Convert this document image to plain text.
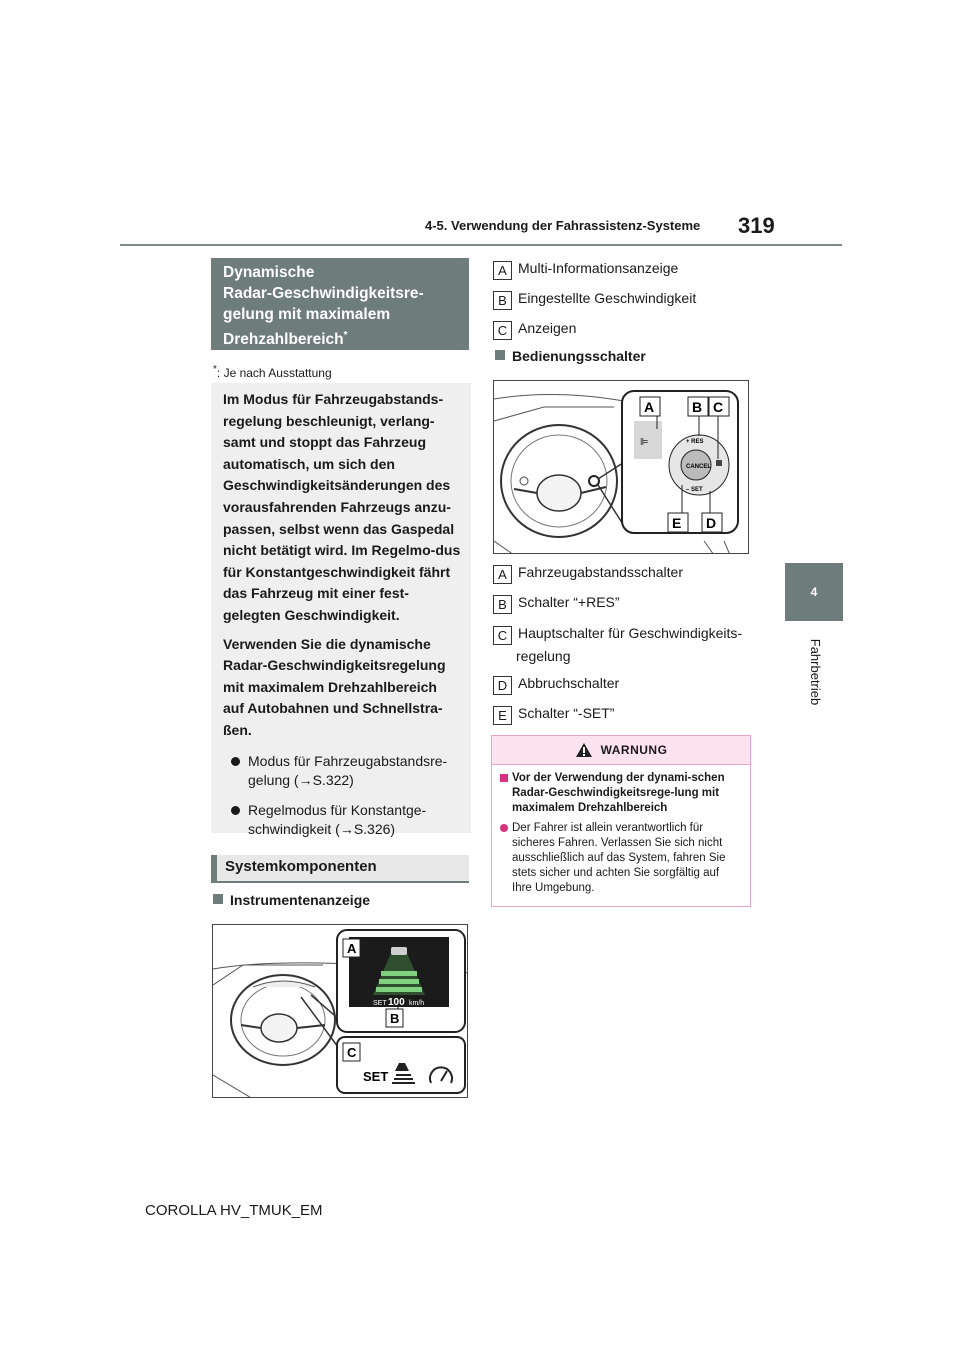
4-5. Verwendung der Fahrassistenz-Systeme 319
4
Fahrbetrieb
Dynamische
Radar-Geschwindigkeitsre-
gelung mit maximalem
Drehzahlbereich*
*: Je nach Ausstattung

Im Modus für Fahrzeugabstands-regelung beschleunigt, verlang-samt und stoppt das Fahrzeug automatisch, um sich den Geschwindigkeitsänderungen des vorausfahrenden Fahrzeugs anzu-passen, selbst wenn das Gaspedal nicht betätigt wird. Im Regelmo-dus für Konstantgeschwindigkeit fährt das Fahrzeug mit einer fest-gelegten Geschwindigkeit.

Verwenden Sie die dynamische Radar-Geschwindigkeitsregelung mit maximalem Drehzahlbereich auf Autobahnen und Schnellstra-ßen.

Modus für Fahrzeugabstandsre-gelung (→S.322)
Regelmodus für Konstantge-schwindigkeit (→S.326)
Systemkomponenten
Instrumentenanzeige
SET 100 km/h
A
B
C
SET
A Multi-Informationsanzeige
B Eingestellte Geschwindigkeit
C Anzeigen
Bedienungsschalter
⊫
CANCEL
+ RES
– SET
A	B C
E D
A Fahrzeugabstandsschalter
B Schalter “+RES”
C Hauptschalter für Geschwindigkeits-
regelung
D Abbruchschalter
E Schalter “-SET”
WARNUNG
Vor der Verwendung der dynami-schen Radar-Geschwindigkeitsrege-lung mit maximalem Drehzahlbereich
Der Fahrer ist allein verantwortlich für sicheres Fahren. Verlassen Sie sich nicht ausschließlich auf das System, fahren Sie stets sicher und achten Sie sorgfältig auf Ihre Umgebung.
COROLLA HV_TMUK_EM
